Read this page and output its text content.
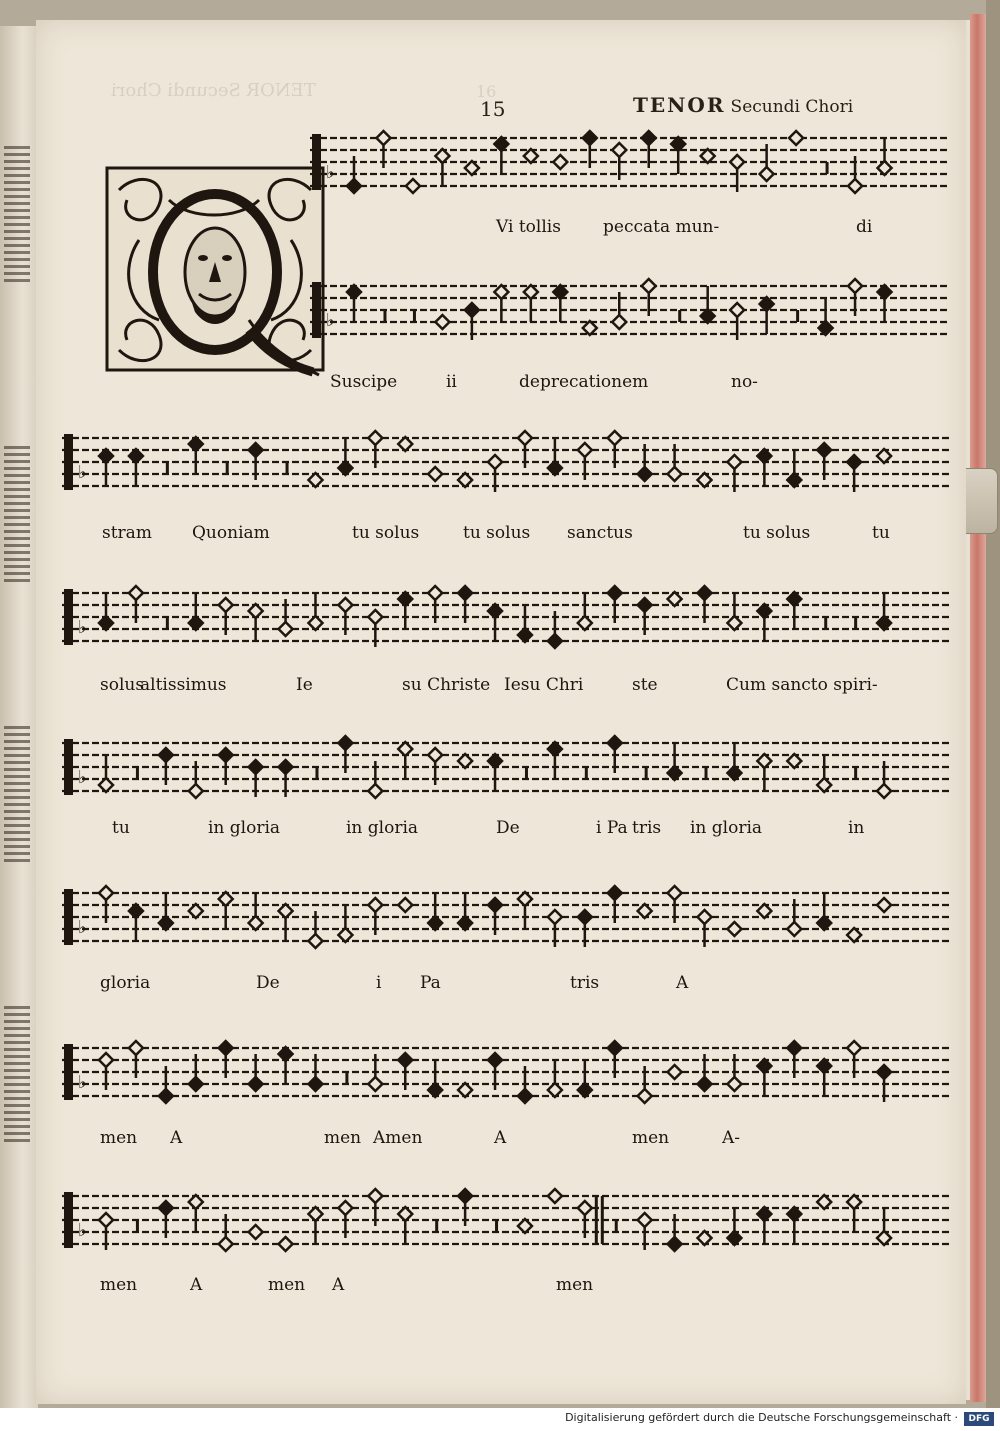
TENOR Secundi Chori	16
15	TENOR Secundi Chori
Q
♭
Vi tollis peccata mun-	di
♭
Suscipe	ii	deprecationem	no-
♭
stram Quoniam	tu solus	tu solus sanctus	tu solus	tu
♭
solus
altissimus	Ie	su Christe Iesu Chri	ste	Cum sancto spiri-
♭
tu	in gloria	in gloria	De	i Pa tris in gloria	in
♭
gloria	De	i Pa	tris	A
♭
men A	men Amen	A	men	A-
♭
men	A	men A	men
Digitalisierung gefördert durch die Deutsche Forschungsgemeinschaft ·	DFG
